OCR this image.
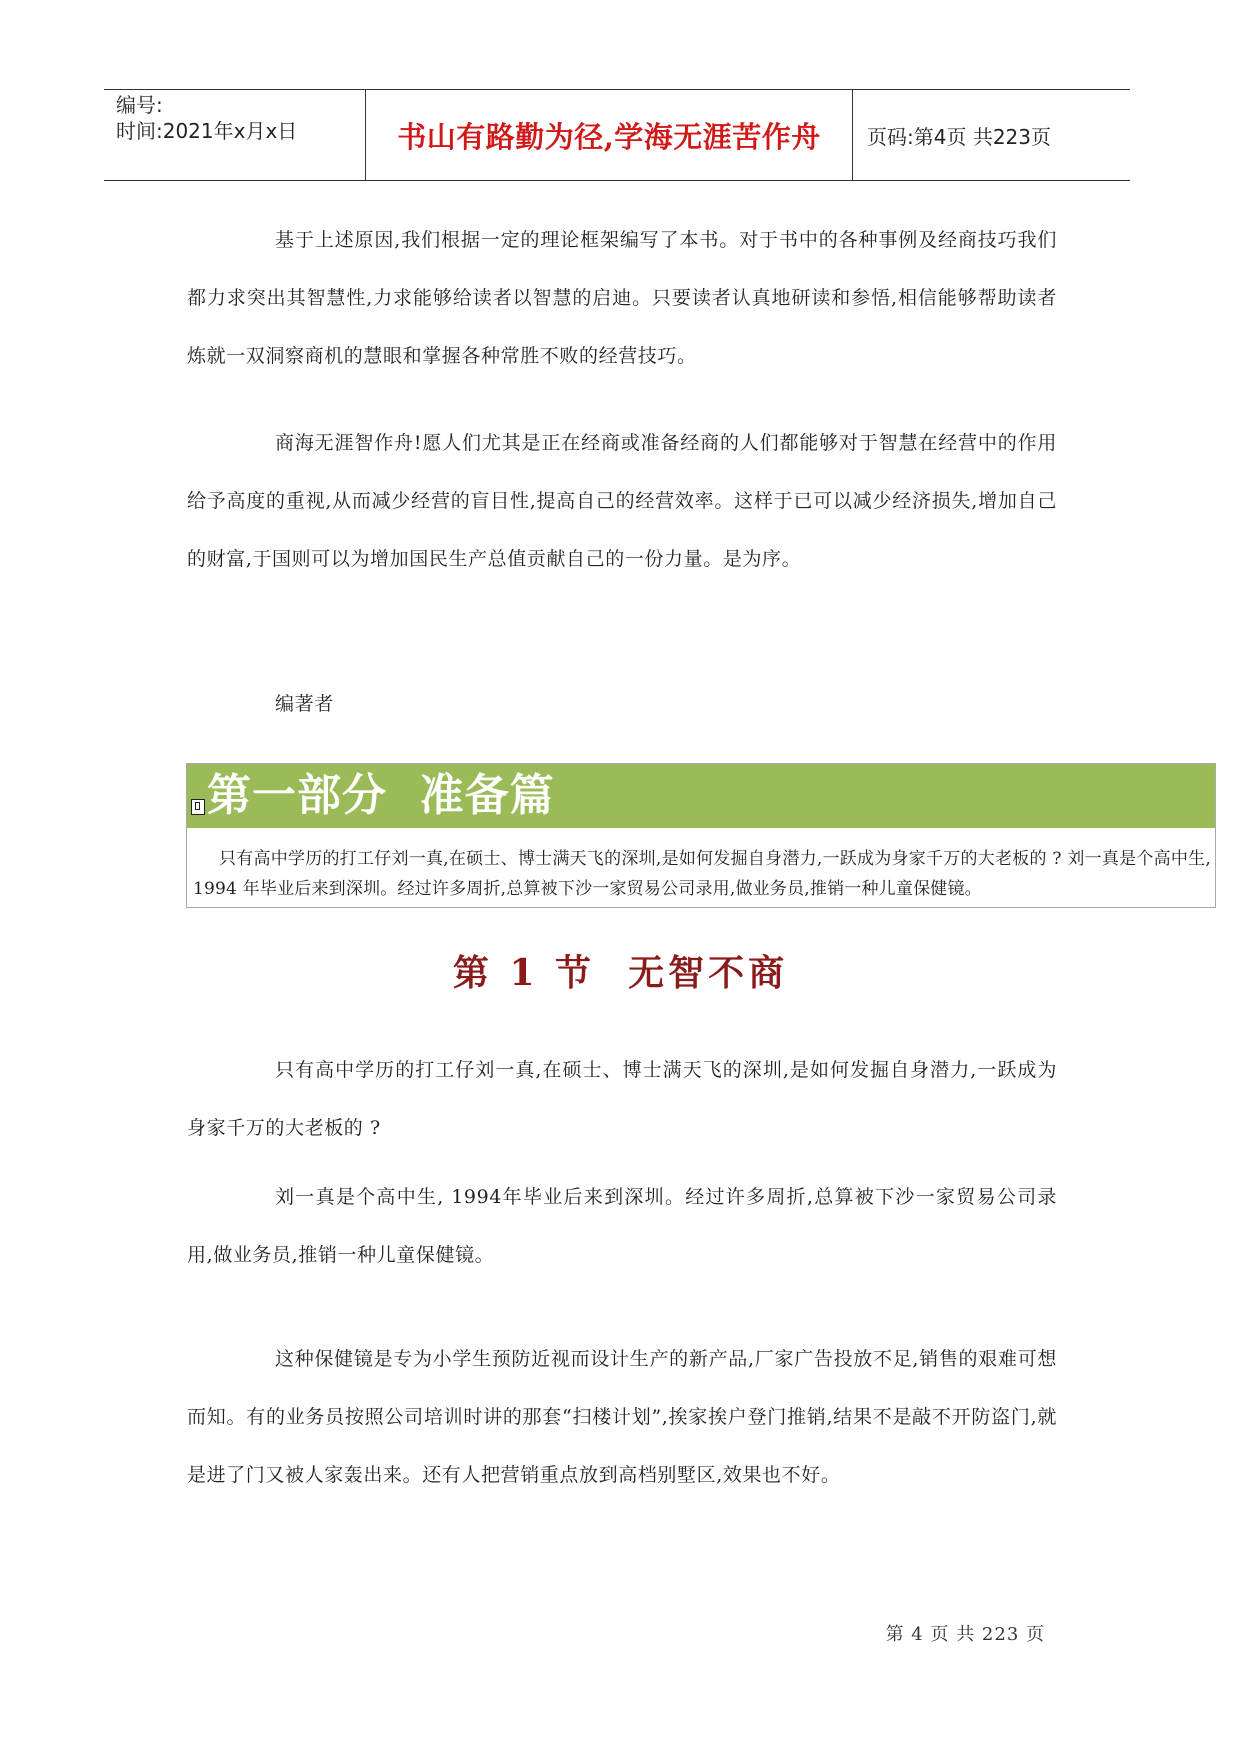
编号:
时间:2021年x月x日	书山有路勤为径,学海无涯苦作舟	页码:第4页 共223页

基于上述原因,我们根据一定的理论框架编写了本书。对于书中的各种事例及经商技巧我们都力求突出其智慧性,力求能够给读者以智慧的启迪。只要读者认真地研读和参悟,相信能够帮助读者炼就一双洞察商机的慧眼和掌握各种常胜不败的经营技巧。

商海无涯智作舟!愿人们尤其是正在经商或准备经商的人们都能够对于智慧在经营中的作用给予高度的重视,从而减少经营的盲目性,提高自己的经营效率。这样于已可以减少经济损失,增加自己的财富,于国则可以为增加国民生产总值贡献自己的一份力量。是为序。

编著者

第一部分  准备篇
只有高中学历的打工仔刘一真,在硕士、博士满天飞的深圳,是如何发掘自身潜力,一跃成为身家千万的大老板的 ? 刘一真是个高中生, 1994 年毕业后来到深圳。经过许多周折,总算被下沙一家贸易公司录用,做业务员,推销一种儿童保健镜。
第 1 节  无智不商

只有高中学历的打工仔刘一真,在硕士、博士满天飞的深圳,是如何发掘自身潜力,一跃成为身家千万的大老板的 ?

刘一真是个高中生, 1994年毕业后来到深圳。经过许多周折,总算被下沙一家贸易公司录用,做业务员,推销一种儿童保健镜。

这种保健镜是专为小学生预防近视而设计生产的新产品,厂家广告投放不足,销售的艰难可想而知。有的业务员按照公司培训时讲的那套“扫楼计划”,挨家挨户登门推销,结果不是敲不开防盗门,就是进了门又被人家轰出来。还有人把营销重点放到高档别墅区,效果也不好。

第 4 页 共 223 页
